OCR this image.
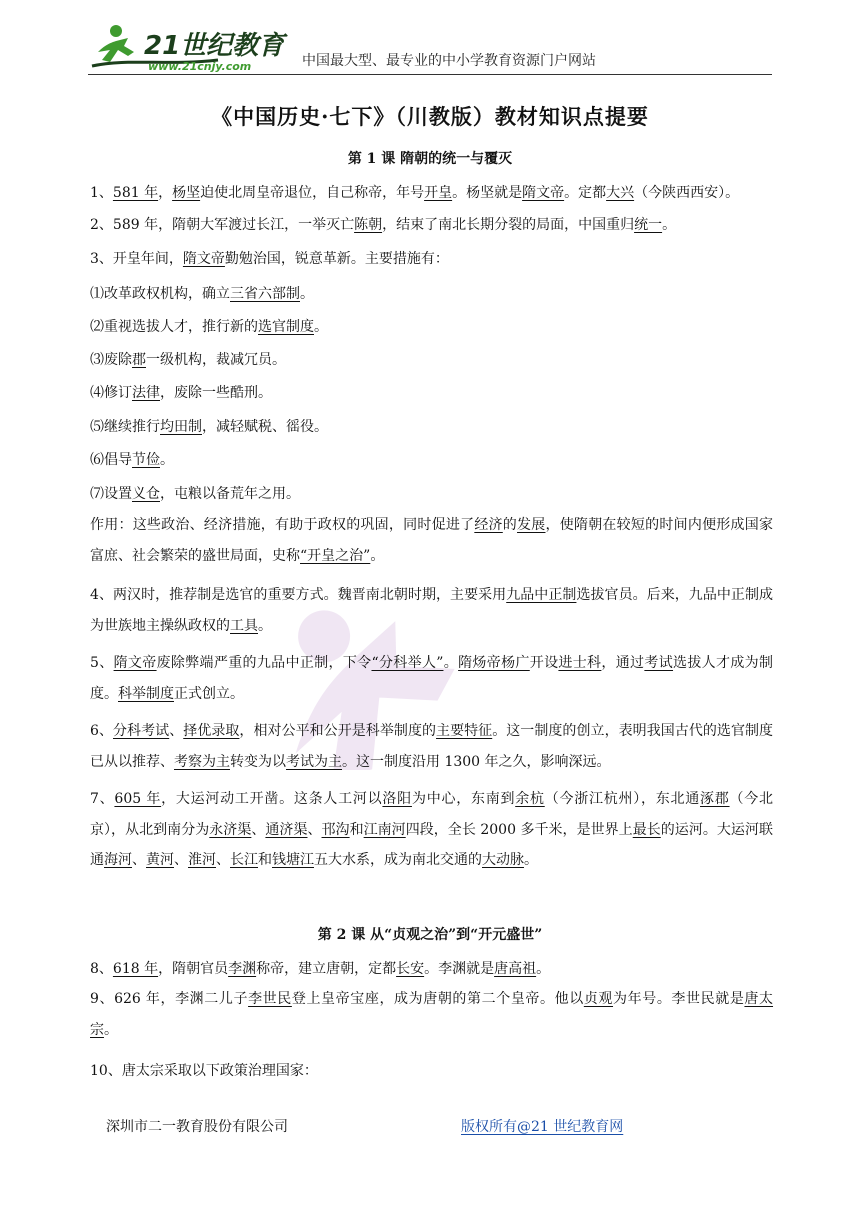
21世纪教育
www.21cnjy.com	中国最大型、最专业的中小学教育资源门户网站
《中国历史·七下》（川教版）教材知识点提要
第 1 课 隋朝的统一与覆灭
1、581 年，杨坚迫使北周皇帝退位，自己称帝，年号开皇。杨坚就是隋文帝。定都大兴（今陕西西安）。
2、589 年，隋朝大军渡过长江，一举灭亡陈朝，结束了南北长期分裂的局面，中国重归统一。
3、开皇年间，隋文帝勤勉治国，锐意革新。主要措施有：
⑴改革政权机构，确立三省六部制。
⑵重视选拔人才，推行新的选官制度。
⑶废除郡一级机构，裁减冗员。
⑷修订法律，废除一些酷刑。
⑸继续推行均田制，减轻赋税、徭役。
⑹倡导节俭。
⑺设置义仓，屯粮以备荒年之用。
作用：这些政治、经济措施，有助于政权的巩固，同时促进了经济的发展，使隋朝在较短的时间内便形成国家富庶、社会繁荣的盛世局面，史称“开皇之治”。
4、两汉时，推荐制是选官的重要方式。魏晋南北朝时期，主要采用九品中正制选拔官员。后来，九品中正制成为世族地主操纵政权的工具。
5、隋文帝废除弊端严重的九品中正制，下令“分科举人”。隋炀帝杨广开设进士科，通过考试选拔人才成为制度。科举制度正式创立。
6、分科考试、择优录取，相对公平和公开是科举制度的主要特征。这一制度的创立，表明我国古代的选官制度已从以推荐、考察为主转变为以考试为主。这一制度沿用 1300 年之久，影响深远。
7、605 年，大运河动工开凿。这条人工河以洛阳为中心，东南到余杭（今浙江杭州），东北通涿郡（今北京），从北到南分为永济渠、通济渠、邗沟和江南河四段，全长 2000 多千米，是世界上最长的运河。大运河联通海河、黄河、淮河、长江和钱塘江五大水系，成为南北交通的大动脉。
第 2 课 从“贞观之治”到“开元盛世”
8、618 年，隋朝官员李渊称帝，建立唐朝，定都长安。李渊就是唐高祖。
9、626 年，李渊二儿子李世民登上皇帝宝座，成为唐朝的第二个皇帝。他以贞观为年号。李世民就是唐太宗。
10、唐太宗采取以下政策治理国家：
深圳市二一教育股份有限公司	版权所有@21 世纪教育网
